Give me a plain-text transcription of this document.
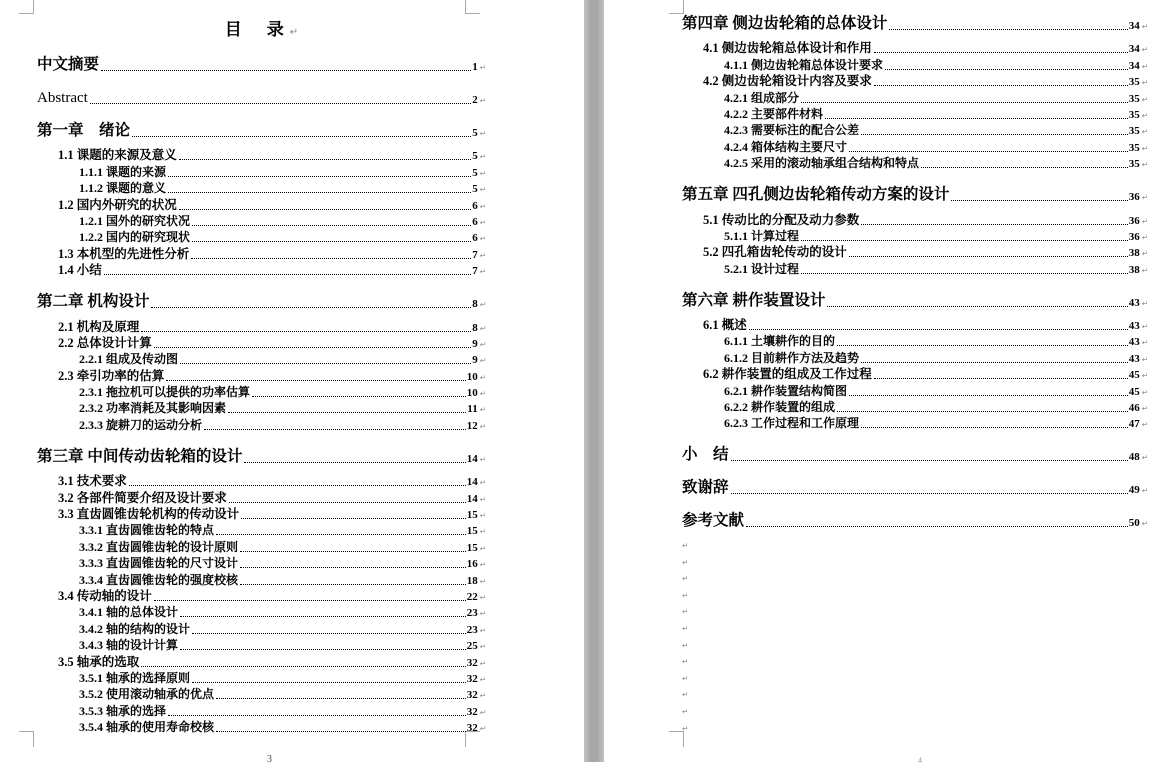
目　录 ↵
中文摘要	1 ↵
Abstract	2 ↵
第一章　绪论	5 ↵
1.1 课题的来源及意义	5 ↵
1.1.1 课题的来源	5 ↵
1.1.2 课题的意义	5 ↵
1.2 国内外研究的状况	6 ↵
1.2.1 国外的研究状况	6 ↵
1.2.2 国内的研究现状	6 ↵
1.3 本机型的先进性分析	7 ↵
1.4 小结	7 ↵
第二章 机构设计	8 ↵
2.1 机构及原理	8 ↵
2.2 总体设计计算	9 ↵
2.2.1 组成及传动图	9 ↵
2.3 牵引功率的估算	10 ↵
2.3.1 拖拉机可以提供的功率估算	10 ↵
2.3.2 功率消耗及其影响因素	11 ↵
2.3.3 旋耕刀的运动分析	12 ↵
第三章 中间传动齿轮箱的设计	14 ↵
3.1 技术要求	14 ↵
3.2 各部件简要介绍及设计要求	14 ↵
3.3 直齿圆锥齿轮机构的传动设计	15 ↵
3.3.1 直齿圆锥齿轮的特点	15 ↵
3.3.2 直齿圆锥齿轮的设计原则	15 ↵
3.3.3 直齿圆锥齿轮的尺寸设计	16 ↵
3.3.4 直齿圆锥齿轮的强度校核	18 ↵
3.4 传动轴的设计	22 ↵
3.4.1 轴的总体设计	23 ↵
3.4.2 轴的结构的设计	23 ↵
3.4.3 轴的设计计算	25 ↵
3.5 轴承的选取	32 ↵
3.5.1 轴承的选择原则	32 ↵
3.5.2 使用滚动轴承的优点	32 ↵
3.5.3 轴承的选择	32 ↵
3.5.4 轴承的使用寿命校核	32 ↵
3
第四章 侧边齿轮箱的总体设计	34 ↵
4.1 侧边齿轮箱总体设计和作用	34 ↵
4.1.1 侧边齿轮箱总体设计要求	34 ↵
4.2 侧边齿轮箱设计内容及要求	35 ↵
4.2.1 组成部分	35 ↵
4.2.2 主要部件材料	35 ↵
4.2.3 需要标注的配合公差	35 ↵
4.2.4 箱体结构主要尺寸	35 ↵
4.2.5 采用的滚动轴承组合结构和特点	35 ↵
第五章 四孔侧边齿轮箱传动方案的设计	36 ↵
5.1 传动比的分配及动力参数	36 ↵
5.1.1 计算过程	36 ↵
5.2 四孔箱齿轮传动的设计	38 ↵
5.2.1 设计过程	38 ↵
第六章 耕作装置设计	43 ↵
6.1 概述	43 ↵
6.1.1 土壤耕作的目的	43 ↵
6.1.2 目前耕作方法及趋势	43 ↵
6.2 耕作装置的组成及工作过程	45 ↵
6.2.1 耕作装置结构简图	45 ↵
6.2.2 耕作装置的组成	46 ↵
6.2.3 工作过程和工作原理	47 ↵
小　结	48 ↵
致谢辞	49 ↵
参考文献	50 ↵
↵
↵
↵
↵
↵
↵
↵
↵
↵
↵
↵
↵
4
